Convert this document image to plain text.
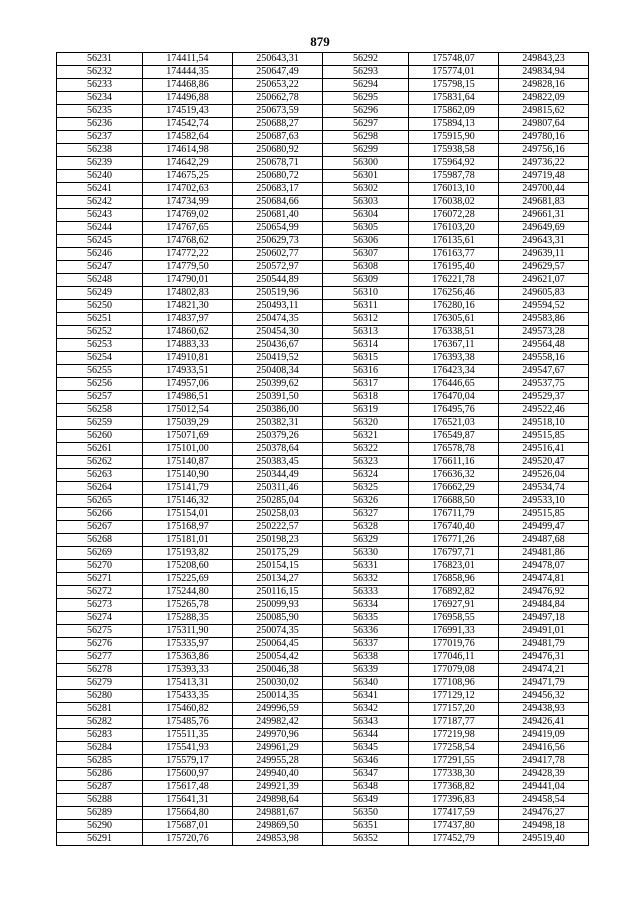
879
56231	174411,54	250643,31	56292	175748,07	249843,23
56232	174444,35	250647,49	56293	175774,01	249834,94
56233	174468,86	250653,22	56294	175798,15	249828,16
56234	174496,88	250662,78	56295	175831,64	249822,09
56235	174519,43	250673,59	56296	175862,09	249815,62
56236	174542,74	250688,27	56297	175894,13	249807,64
56237	174582,64	250687,63	56298	175915,90	249780,16
56238	174614,98	250680,92	56299	175938,58	249756,16
56239	174642,29	250678,71	56300	175964,92	249736,22
56240	174675,25	250680,72	56301	175987,78	249719,48
56241	174702,63	250683,17	56302	176013,10	249700,44
56242	174734,99	250684,66	56303	176038,02	249681,83
56243	174769,02	250681,40	56304	176072,28	249661,31
56244	174767,65	250654,99	56305	176103,20	249649,69
56245	174768,62	250629,73	56306	176135,61	249643,31
56246	174772,22	250602,77	56307	176163,77	249639,11
56247	174779,50	250572,97	56308	176195,40	249629,57
56248	174790,01	250544,89	56309	176221,78	249621,07
56249	174802,83	250519,96	56310	176256,46	249605,83
56250	174821,30	250493,11	56311	176280,16	249594,52
56251	174837,97	250474,35	56312	176305,61	249583,86
56252	174860,62	250454,30	56313	176338,51	249573,28
56253	174883,33	250436,67	56314	176367,11	249564,48
56254	174910,81	250419,52	56315	176393,38	249558,16
56255	174933,51	250408,34	56316	176423,34	249547,67
56256	174957,06	250399,62	56317	176446,65	249537,75
56257	174986,51	250391,50	56318	176470,04	249529,37
56258	175012,54	250386,00	56319	176495,76	249522,46
56259	175039,29	250382,31	56320	176521,03	249518,10
56260	175071,69	250379,26	56321	176549,87	249515,85
56261	175101,00	250378,64	56322	176578,78	249516,41
56262	175140,87	250383,45	56323	176611,16	249520,47
56263	175140,90	250344,49	56324	176636,32	249526,04
56264	175141,79	250311,46	56325	176662,29	249534,74
56265	175146,32	250285,04	56326	176688,50	249533,10
56266	175154,01	250258,03	56327	176711,79	249515,85
56267	175168,97	250222,57	56328	176740,40	249499,47
56268	175181,01	250198,23	56329	176771,26	249487,68
56269	175193,82	250175,29	56330	176797,71	249481,86
56270	175208,60	250154,15	56331	176823,01	249478,07
56271	175225,69	250134,27	56332	176858,96	249474,81
56272	175244,80	250116,15	56333	176892,82	249476,92
56273	175265,78	250099,93	56334	176927,91	249484,84
56274	175288,35	250085,90	56335	176958,55	249497,18
56275	175311,90	250074,35	56336	176991,33	249491,01
56276	175335,97	250064,45	56337	177019,76	249481,79
56277	175363,86	250054,42	56338	177046,11	249476,31
56278	175393,33	250046,38	56339	177079,08	249474,21
56279	175413,31	250030,02	56340	177108,96	249471,79
56280	175433,35	250014,35	56341	177129,12	249456,32
56281	175460,82	249996,59	56342	177157,20	249438,93
56282	175485,76	249982,42	56343	177187,77	249426,41
56283	175511,35	249970,96	56344	177219,98	249419,09
56284	175541,93	249961,29	56345	177258,54	249416,56
56285	175579,17	249955,28	56346	177291,55	249417,78
56286	175600,97	249940,40	56347	177338,30	249428,39
56287	175617,48	249921,39	56348	177368,82	249441,04
56288	175641,31	249898,64	56349	177396,83	249458,54
56289	175664,80	249881,67	56350	177417,59	249476,27
56290	175687,01	249869,50	56351	177437,80	249498,18
56291	175720,76	249853,98	56352	177452,79	249519,40
